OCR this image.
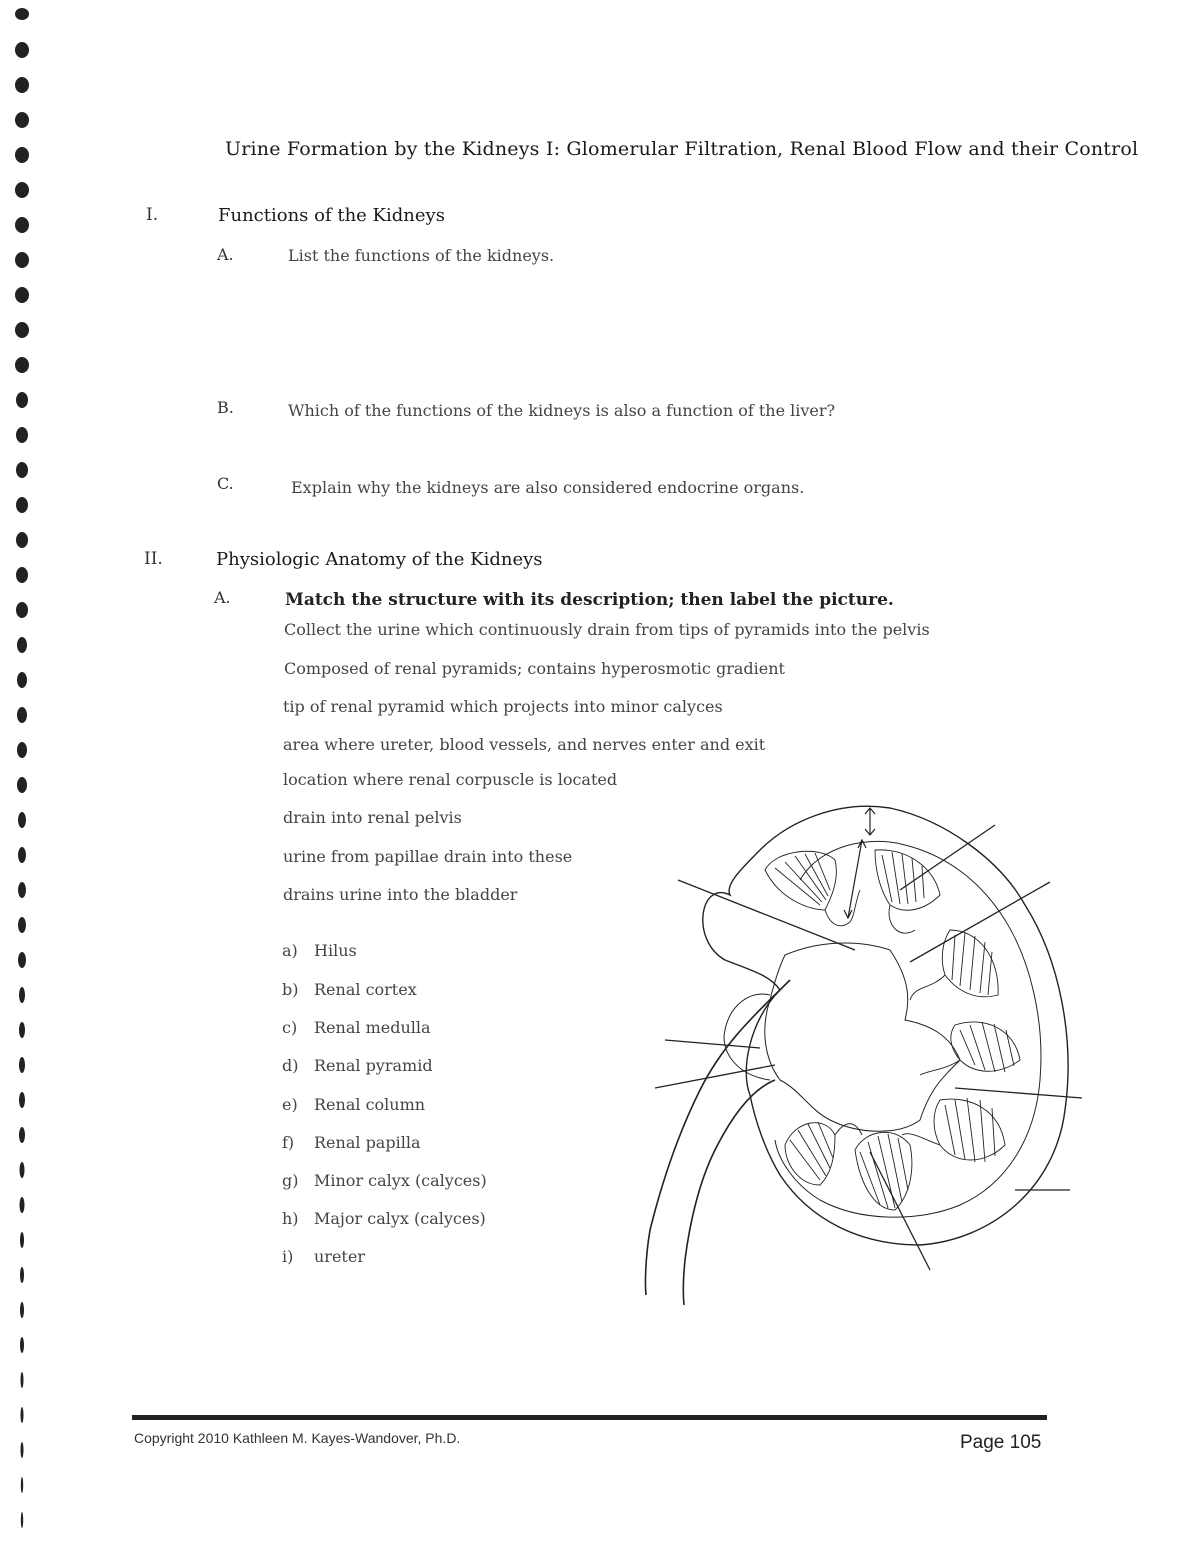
Urine Formation by the Kidneys I: Glomerular Filtration, Renal Blood Flow and their Control
I.	Functions of the Kidneys
A.	List the functions of the kidneys.
B.	Which of the functions of the kidneys is also a function of the liver?
C.	Explain why the kidneys are also considered endocrine organs.
II.	Physiologic Anatomy of the Kidneys
A.	Match the structure with its description; then label the picture.
Collect the urine which continuously drain from tips of pyramids into the pelvis
Composed of renal pyramids; contains hyperosmotic gradient
tip of renal pyramid which projects into minor calyces
area where ureter, blood vessels, and nerves enter and exit
location where renal corpuscle is located
drain into renal pelvis
urine from papillae drain into these
drains urine into the bladder
a) Hilus
b) Renal cortex
c) Renal medulla
d) Renal pyramid
e) Renal column
f) Renal papilla
g) Minor calyx (calyces)
h) Major calyx (calyces)
i) ureter
Copyright 2010 Kathleen M. Kayes-Wandover, Ph.D.	Page 105
